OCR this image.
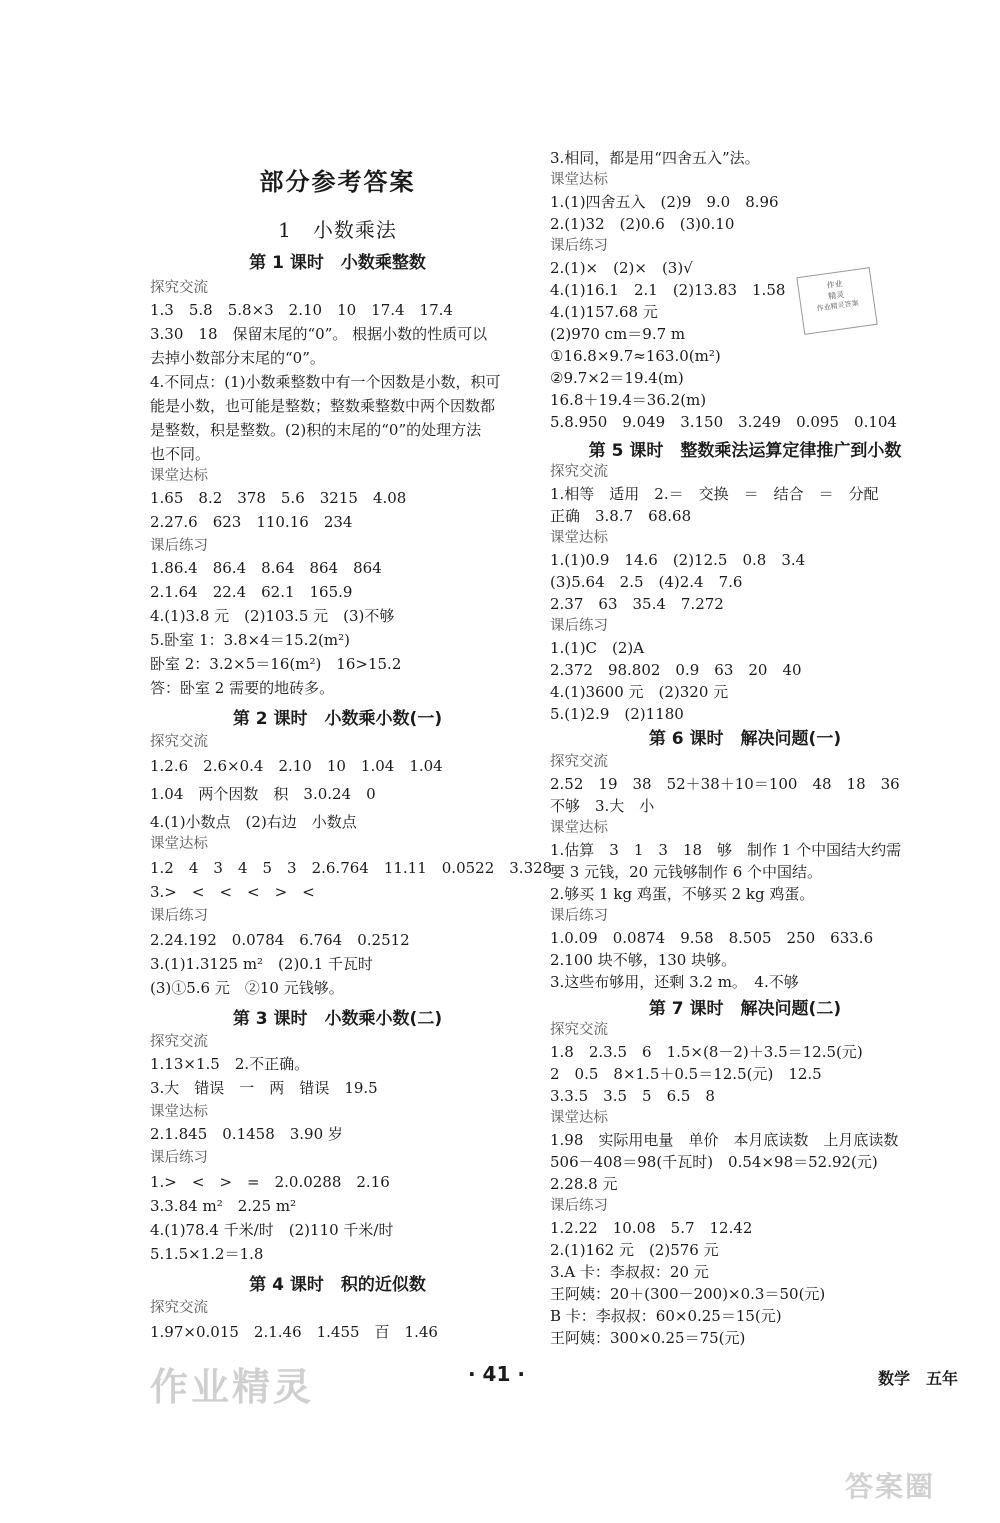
部分参考答案
1　小数乘法
第 1 课时　小数乘整数
探究交流
1.3　5.8　5.8×3　2.10　10　17.4　17.4
3.30　18　保留末尾的“0”。 根据小数的性质可以
去掉小数部分末尾的“0”。
4.不同点：(1)小数乘整数中有一个因数是小数，积可
能是小数，也可能是整数；整数乘整数中两个因数都
是整数，积是整数。(2)积的末尾的“0”的处理方法
也不同。
课堂达标
1.65　8.2　378　5.6　3215　4.08
2.27.6　623　110.16　234
课后练习
1.86.4　86.4　8.64　864　864
2.1.64　22.4　62.1　165.9
4.(1)3.8 元　(2)103.5 元　(3)不够
5.卧室 1：3.8×4＝15.2(m²)
卧室 2：3.2×5＝16(m²)　16>15.2
答：卧室 2 需要的地砖多。
第 2 课时　小数乘小数(一)
探究交流
1.2.6　2.6×0.4　2.10　10　1.04　1.04
1.04　两个因数　积　3.0.24　0
4.(1)小数点　(2)右边　小数点
课堂达标
1.2　4　3　4　5　3　2.6.764　11.11　0.0522　3.328
3.>　<　<　<　>　<
课后练习
2.24.192　0.0784　6.764　0.2512
3.(1)1.3125 m²　(2)0.1 千瓦时
(3)①5.6 元　②10 元钱够。
第 3 课时　小数乘小数(二)
探究交流
1.13×1.5　2.不正确。
3.大　错误　一　两　错误　19.5
课堂达标
2.1.845　0.1458　3.90 岁
课后练习
1.>　<　>　=　2.0.0288　2.16
3.3.84 m²　2.25 m²
4.(1)78.4 千米/时　(2)110 千米/时
5.1.5×1.2＝1.8
第 4 课时　积的近似数
探究交流
1.97×0.015　2.1.46　1.455　百　1.46
3.相同，都是用“四舍五入”法。
课堂达标
1.(1)四舍五入　(2)9　9.0　8.96
2.(1)32　(2)0.6　(3)0.10
课后练习
2.(1)×　(2)×　(3)√
4.(1)16.1　2.1　(2)13.83　1.58
4.(1)157.68 元
(2)970 cm＝9.7 m
①16.8×9.7≈163.0(m²)
②9.7×2＝19.4(m)
16.8＋19.4＝36.2(m)
5.8.950　9.049　3.150　3.249　0.095　0.104
第 5 课时　整数乘法运算定律推广到小数
探究交流
1.相等　适用　2.＝　交换　＝　结合　＝　分配
正确　3.8.7　68.68
课堂达标
1.(1)0.9　14.6　(2)12.5　0.8　3.4
(3)5.64　2.5　(4)2.4　7.6
2.37　63　35.4　7.272
课后练习
1.(1)C　(2)A
2.372　98.802　0.9　63　20　40
4.(1)3600 元　(2)320 元
5.(1)2.9　(2)1180
第 6 课时　解决问题(一)
探究交流
2.52　19　38　52＋38＋10＝100　48　18　36
不够　3.大　小
课堂达标
1.估算　3　1　3　18　够　制作 1 个中国结大约需
要 3 元钱，20 元钱够制作 6 个中国结。
2.够买 1 kg 鸡蛋，不够买 2 kg 鸡蛋。
课后练习
1.0.09　0.0874　9.58　8.505　250　633.6
2.100 块不够，130 块够。
3.这些布够用，还剩 3.2 m。　4.不够
第 7 课时　解决问题(二)
探究交流
1.8　2.3.5　6　1.5×(8－2)＋3.5＝12.5(元)
2　0.5　8×1.5＋0.5＝12.5(元)　12.5
3.3.5　3.5　5　6.5　8
课堂达标
1.98　实际用电量　单价　本月底读数　上月底读数
506－408＝98(千瓦时)　0.54×98＝52.92(元)
2.28.8 元
课后练习
1.2.22　10.08　5.7　12.42
2.(1)162 元　(2)576 元
3.A 卡：李叔叔：20 元
王阿姨：20＋(300－200)×0.3＝50(元)
B 卡：李叔叔：60×0.25＝15(元)
王阿姨：300×0.25＝75(元)
作业
精灵
作业精灵答案
· 41 ·	数学　五年
作业精灵
答案圈
